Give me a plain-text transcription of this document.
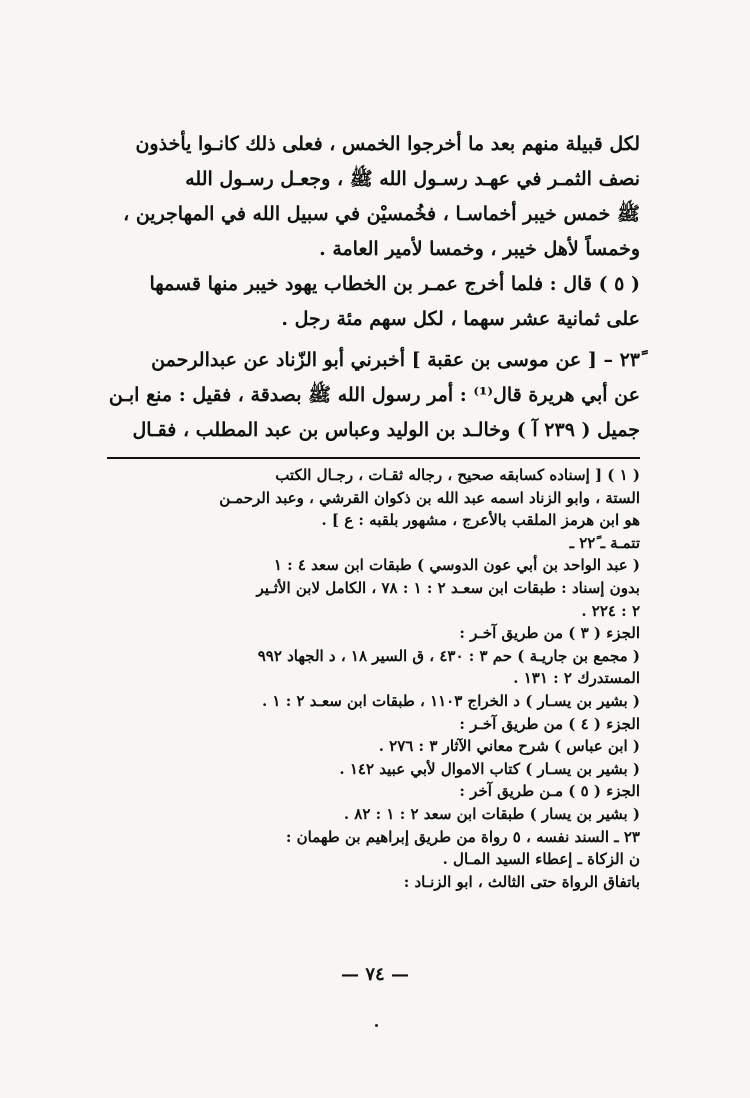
لكل قبيلة منهم بعد ما أخرجوا الخمس ، فعلى ذلك كانـوا يأخذون

نصف الثمـر في عهـد رسـول الله ﷺ ، وجعـل رسـول الله

ﷺ خمس خيبر أخماسـا ، فخُمسيْن في سبيل الله في المهاجرين ،

وخمساً لأهل خيبر ، وخمسا لأمير العامة .

( ٥ ) قال : فلما أخرج عمـر بن الخطاب يهود خيبر منها قسمها

على ثمانية عشر سهما ، لكل سهم مئة رجل .

٢٣ً – [ عن موسى بن عقبة ] أخبرني أبو الزّناد عن عبدالرحمن

عن أبي هريرة قال⁽¹⁾ : أمر رسول الله ﷺ بصدقة ، فقيل : منع ابـن

جميل ( ٢٣٩ آ ) وخالـد بن الوليد وعباس بن عبد المطلب ، فقـال

( ١ ) [ إسناده كسابقه صحيح ، رجاله ثقـات ، رجـال الكتب
الستة ، وابو الزناد اسمه عبد الله بن ذكوان القرشي ، وعبد الرحمـن
هو ابن هرمز الملقب بالأعرج ، مشهور بلقبه : ع ] .
تتمـة ـ ٢٢ً ـ
( عبد الواحد بن أبي عون الدوسي ) طبقات ابن سعد ٤ : ١
بدون إسناد : طبقات ابن سعـد ٢ : ١ : ٧٨ ، الكامل لابن الأثـير
٢ : ٢٢٤ .
الجزء ( ٣ ) من طريق آخـر :
( مجمع بن جاريـة ) حم ٣ : ٤٣٠ ، ق السير ١٨ ، د الجهاد ٩٩٢
المستدرك ٢ : ١٣١ .
( بشير بن يسـار ) د الخراج ١١٠٣ ، طبقات ابن سعـد ٢ : ١ .
الجزء ( ٤ ) من طريق آخـر :
( ابن عباس ) شرح معاني الآثار ٣ : ٢٧٦ .
( بشير بن يسـار ) كتاب الاموال لأبي عبيد ١٤٢ .
الجزء ( ٥ ) مـن طريق آخر :
( بشير بن يسار ) طبقات ابن سعد ٢ : ١ : ٨٢ .
٢٣ً ـ السند نفسه ، ٥ رواة من طريق إبراهيم بن طهمان :
ن الزكاة ـ إعطاء السيد المـال .
باتفاق الرواة حتى الثالث ، ابو الزنـاد :
— ٧٤ —
